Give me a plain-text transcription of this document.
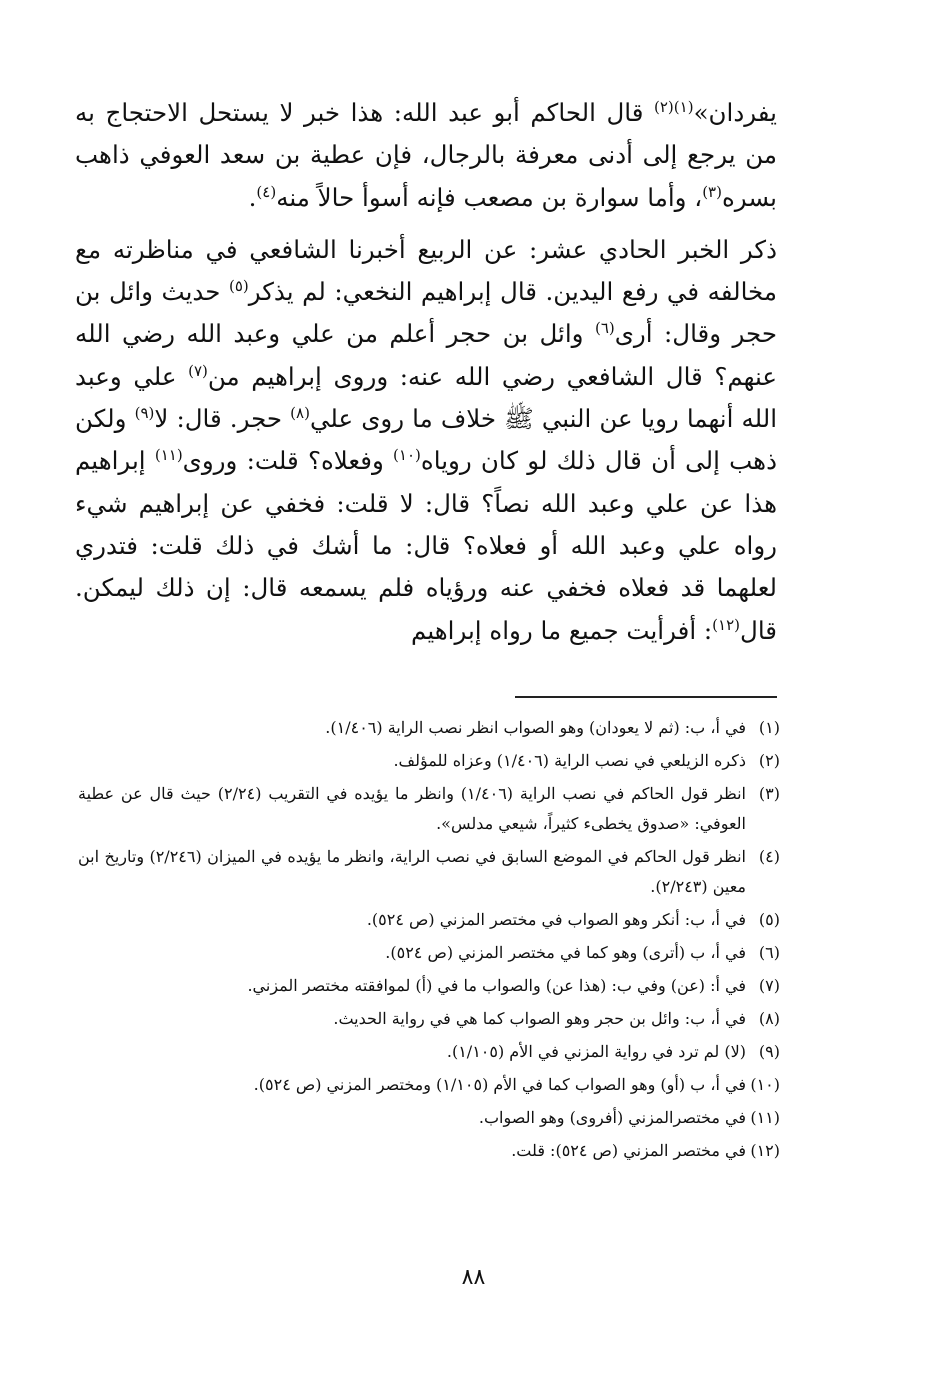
يفردان»$^{(١)(٢)}$ قال الحاكم أبو عبد الله: هذا خبر لا يستحل الاحتجاج به من يرجع إلى أدنى معرفة بالرجال، فإن عطية بن سعد العوفي ذاهب بسره$^{(٣)}$، وأما سوارة بن مصعب فإنه أسوأ حالاً منه$^{(٤)}$.

ذكر الخبر الحادي عشر: عن الربيع أخبرنا الشافعي في مناظرته مع مخالفه في رفع اليدين. قال إبراهيم النخعي: لم يذكر$^{(٥)}$ حديث وائل بن حجر وقال: أرى$^{(٦)}$ وائل بن حجر أعلم من علي وعبد الله رضي الله عنهم؟ قال الشافعي رضي الله عنه: وروى إبراهيم من$^{(٧)}$ علي وعبد الله أنهما رويا عن النبي ﷺ خلاف ما روى علي$^{(٨)}$ حجر. قال: لا$^{(٩)}$ ولكن ذهب إلى أن قال ذلك لو كان روياه$^{(١٠)}$ وفعلاه؟ قلت: وروى$^{(١١)}$ إبراهيم هذا عن علي وعبد الله نصاً؟ قال: لا قلت: فخفي عن إبراهيم شيء رواه علي وعبد الله أو فعلاه؟ قال: ما أشك في ذلك قلت: فتدري لعلهما قد فعلاه فخفي عنه ورؤياه فلم يسمعه قال: إن ذلك ليمكن. قال$^{(١٢)}$: أفرأيت جميع ما رواه إبراهيم

(١)
في أ، ب: (ثم لا يعودان) وهو الصواب انظر نصب الراية (١/٤٠٦).
(٢)
ذكره الزيلعي في نصب الراية (١/٤٠٦) وعزاه للمؤلف.
(٣)
انظر قول الحاكم في نصب الراية (١/٤٠٦) وانظر ما يؤيده في التقريب (٢/٢٤) حيث قال عن عطية العوفي: «صدوق يخطىء كثيراً، شيعي مدلس».
(٤)
انظر قول الحاكم في الموضع السابق في نصب الراية، وانظر ما يؤيده في الميزان (٢/٢٤٦) وتاريخ ابن معين (٢/٢٤٣).
(٥)
في أ، ب: أنكر وهو الصواب في مختصر المزني (ص ٥٢٤).
(٦)
في أ، ب (أترى) وهو كما في مختصر المزني (ص ٥٢٤).
(٧)
في أ: (عن) وفي ب: (هذا عن) والصواب ما في (أ) لموافقته مختصر المزني.
(٨)
في أ، ب: وائل بن حجر وهو الصواب كما هي في رواية الحديث.
(٩)
(لا) لم ترد في رواية المزني في الأم (١/١٠٥).
(١٠)
في أ، ب (أو) وهو الصواب كما في الأم (١/١٠٥) ومختصر المزني (ص ٥٢٤).
(١١)
في مختصرالمزني (أفروى) وهو الصواب.
(١٢)
في مختصر المزني (ص ٥٢٤): قلت.
٨٨
